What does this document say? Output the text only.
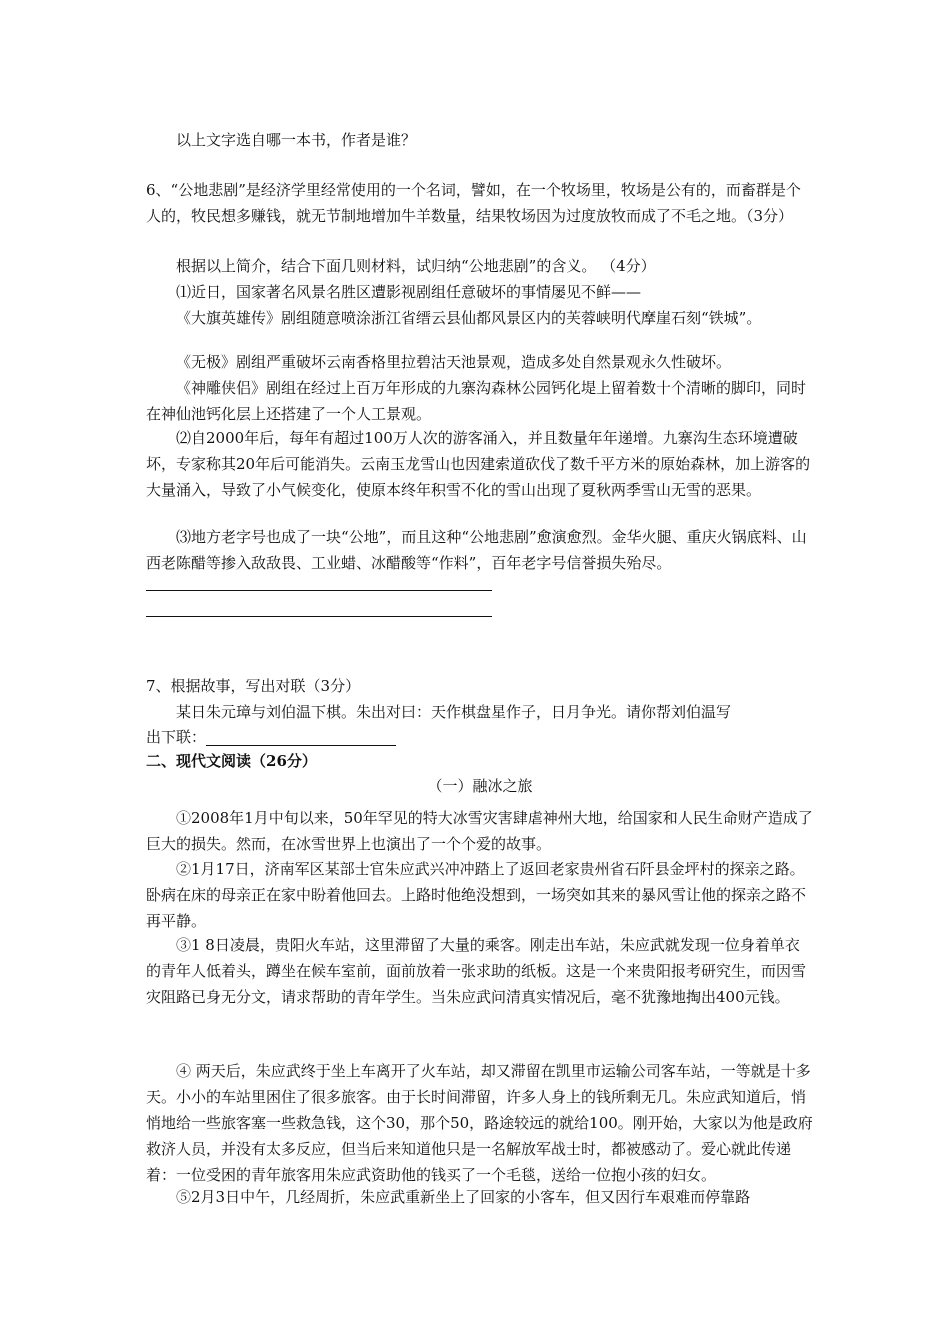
以上文字选自哪一本书，作者是谁？

6、“公地悲剧”是经济学里经常使用的一个名词，譬如，在一个牧场里，牧场是公有的，而畜群是个人的，牧民想多赚钱，就无节制地增加牛羊数量，结果牧场因为过度放牧而成了不毛之地。（3分）

根据以上简介，结合下面几则材料，试归纳“公地悲剧”的含义。 （4分）

⑴近日，国家著名风景名胜区遭影视剧组任意破坏的事情屡见不鲜——

《大旗英雄传》剧组随意喷涂浙江省缙云县仙都风景区内的芙蓉峡明代摩崖石刻“铁城”。

《无极》剧组严重破坏云南香格里拉碧沽天池景观，造成多处自然景观永久性破坏。

《神雕侠侣》剧组在经过上百万年形成的九寨沟森林公园钙化堤上留着数十个清晰的脚印，同时在神仙池钙化层上还搭建了一个人工景观。

⑵自2000年后，每年有超过100万人次的游客涌入，并且数量年年递增。九寨沟生态环境遭破坏，专家称其20年后可能消失。云南玉龙雪山也因建索道砍伐了数千平方米的原始森林，加上游客的大量涌入，导致了小气候变化，使原本终年积雪不化的雪山出现了夏秋两季雪山无雪的恶果。

⑶地方老字号也成了一块“公地”，而且这种“公地悲剧”愈演愈烈。金华火腿、重庆火锅底料、山西老陈醋等掺入敌敌畏、工业蜡、冰醋酸等“作料”，百年老字号信誉损失殆尽。

7、根据故事，写出对联（3分）

某日朱元璋与刘伯温下棋。朱出对曰：天作棋盘星作子，日月争光。请你帮刘伯温写

出下联：

二、现代文阅读（26分）

（一）融冰之旅

①2008年1月中旬以来，50年罕见的特大冰雪灾害肆虐神州大地，给国家和人民生命财产造成了巨大的损失。然而，在冰雪世界上也演出了一个个爱的故事。

②1月17日，济南军区某部士官朱应武兴冲冲踏上了返回老家贵州省石阡县金坪村的探亲之路。卧病在床的母亲正在家中盼着他回去。上路时他绝没想到，一场突如其来的暴风雪让他的探亲之路不再平静。

③1 8日凌晨，贵阳火车站，这里滞留了大量的乘客。刚走出车站，朱应武就发现一位身着单衣的青年人低着头，蹲坐在候车室前，面前放着一张求助的纸板。这是一个来贵阳报考研究生，而因雪灾阻路已身无分文，请求帮助的青年学生。当朱应武问清真实情况后，毫不犹豫地掏出400元钱。

④ 两天后，朱应武终于坐上车离开了火车站，却又滞留在凯里市运输公司客车站，一等就是十多天。小小的车站里困住了很多旅客。由于长时间滞留，许多人身上的钱所剩无几。朱应武知道后，悄悄地给一些旅客塞一些救急钱，这个30，那个50，路途较远的就给100。刚开始，大家以为他是政府救济人员，并没有太多反应，但当后来知道他只是一名解放军战士时，都被感动了。爱心就此传递着：一位受困的青年旅客用朱应武资助他的钱买了一个毛毯，送给一位抱小孩的妇女。

⑤2月3日中午，几经周折，朱应武重新坐上了回家的小客车，但又因行车艰难而停靠路
